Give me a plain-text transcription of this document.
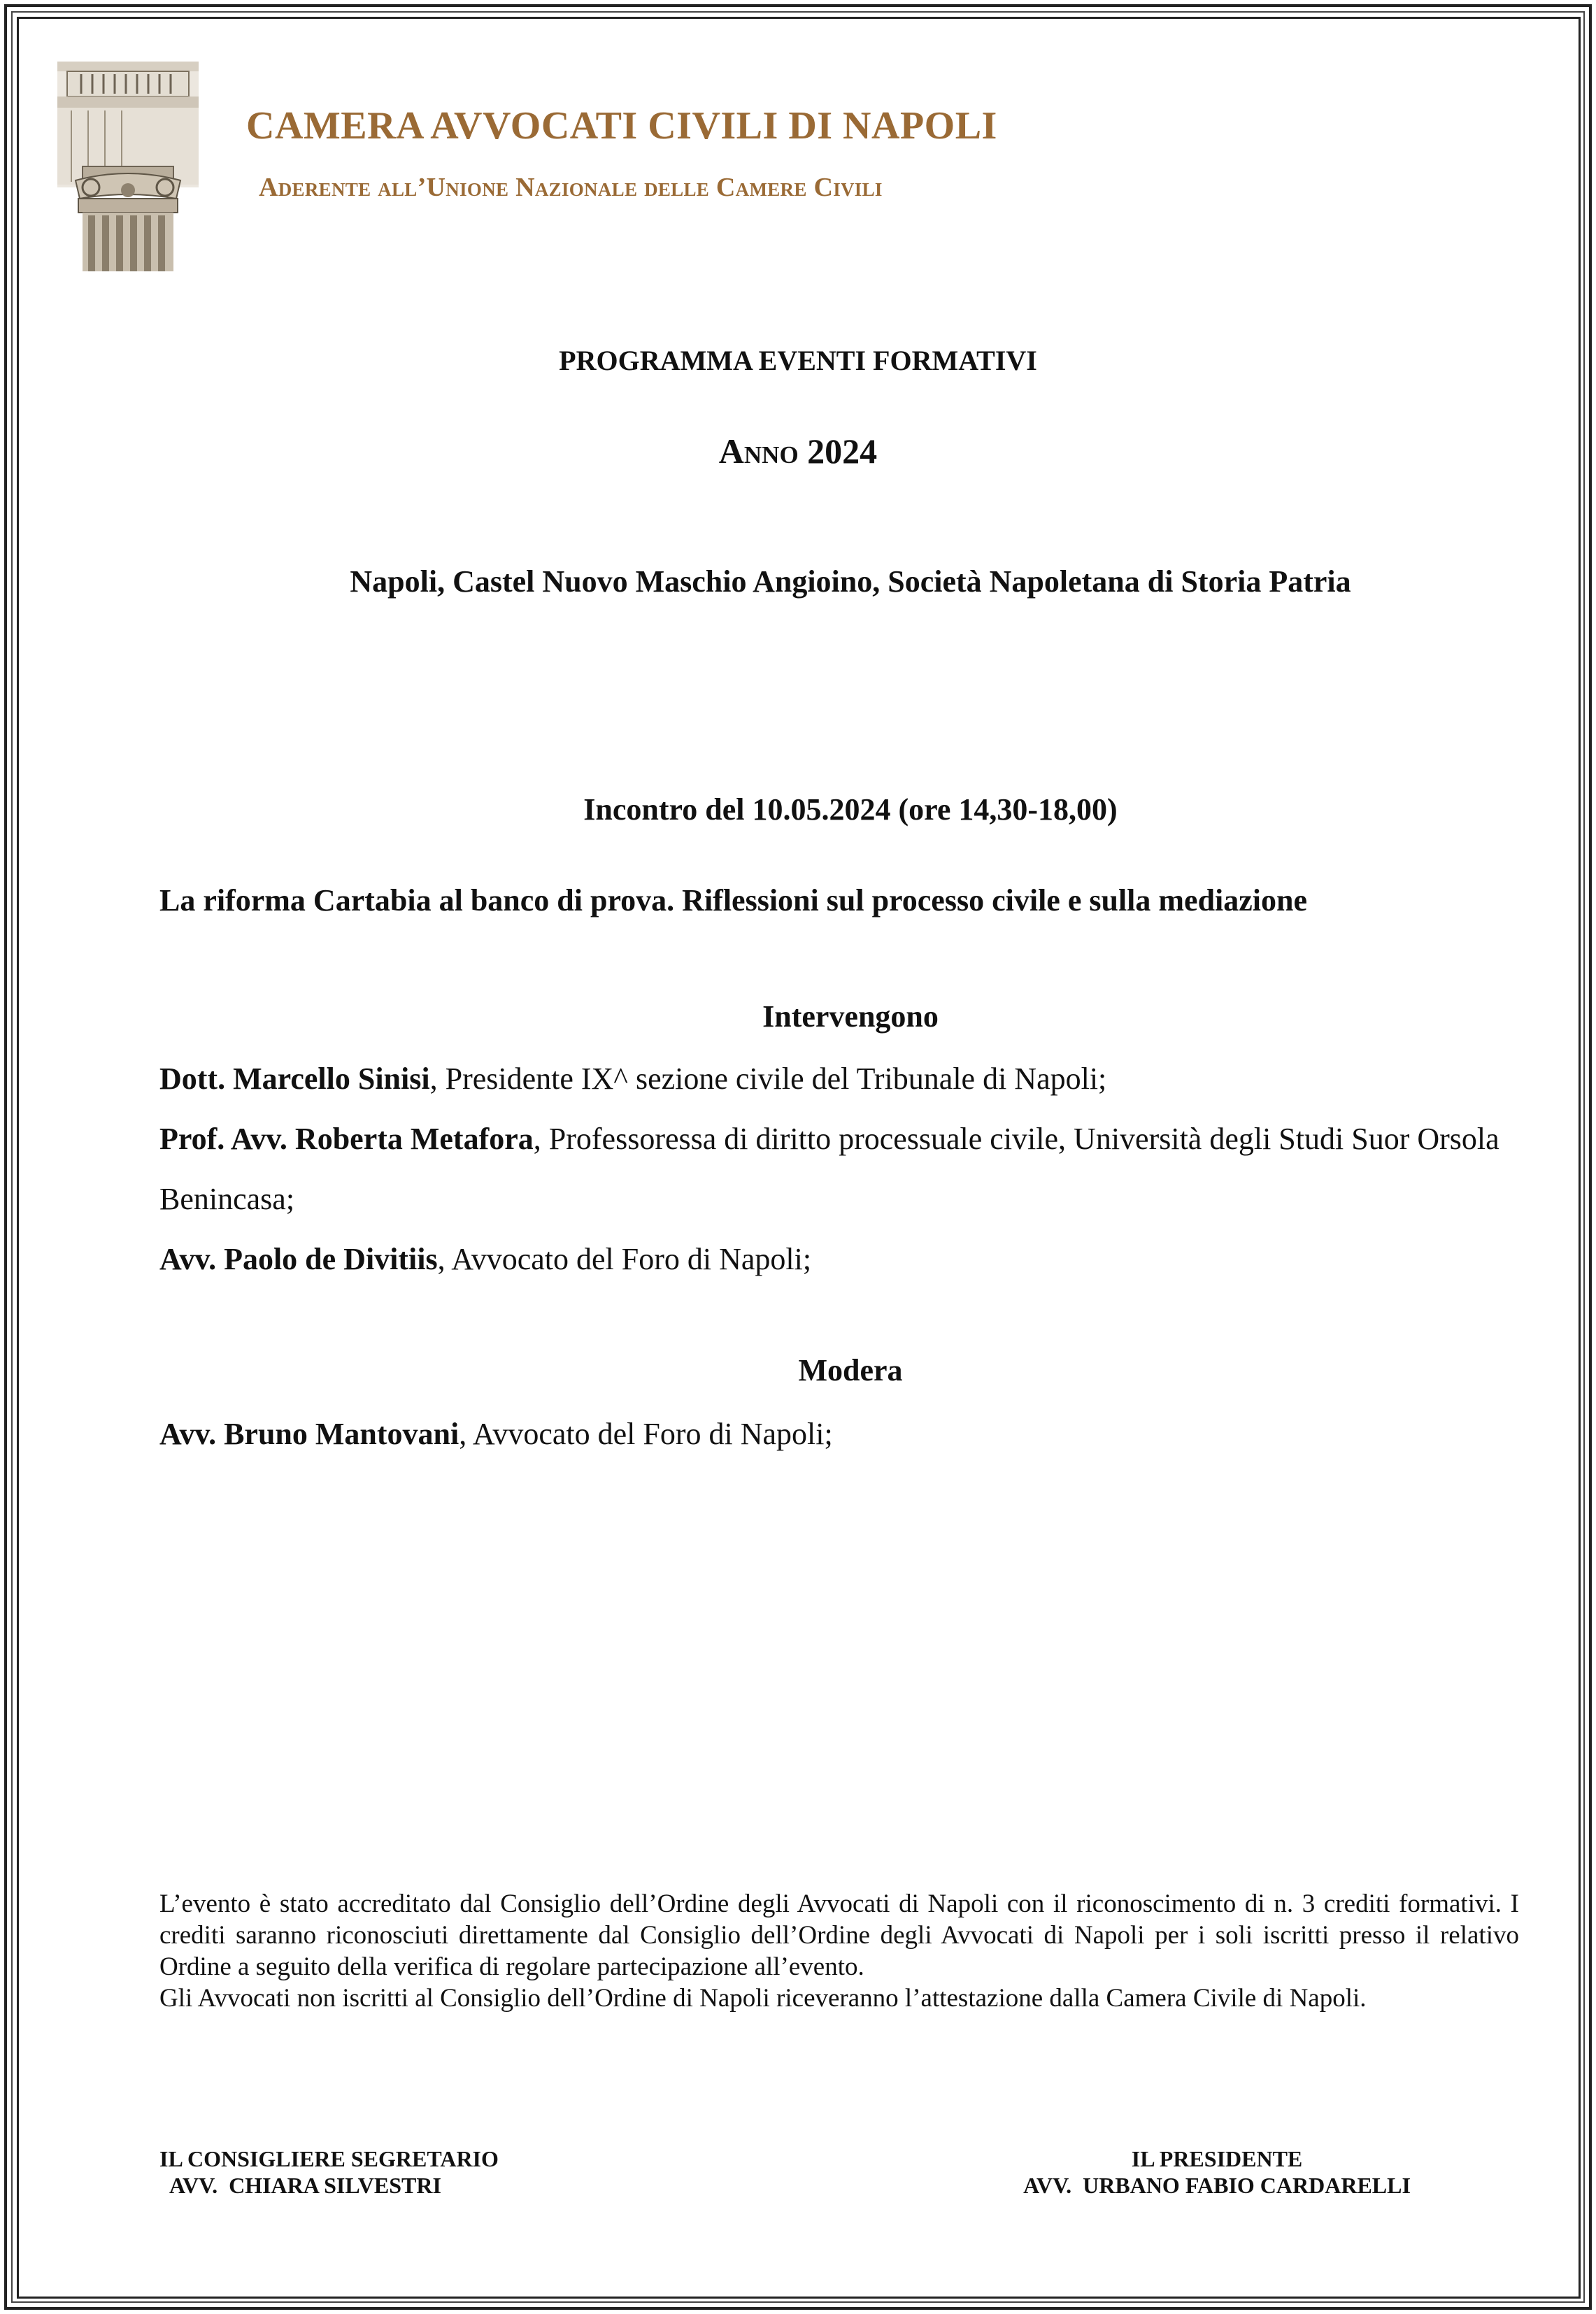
CAMERA AVVOCATI CIVILI DI NAPOLI
Aderente all’Unione Nazionale delle Camere Civili
PROGRAMMA EVENTI FORMATIVI
Anno 2024
Napoli, Castel Nuovo Maschio Angioino, Società Napoletana di Storia Patria
Incontro del 10.05.2024 (ore 14,30-18,00)
La riforma Cartabia al banco di prova. Riflessioni sul processo civile e sulla mediazione
Intervengono
Dott. Marcello Sinisi, Presidente IX^ sezione civile del Tribunale di Napoli;
Prof. Avv. Roberta Metafora, Professoressa di diritto processuale civile, Università degli Studi Suor Orsola Benincasa;
Avv. Paolo de Divitiis, Avvocato del Foro di Napoli;
Modera
Avv. Bruno Mantovani, Avvocato del Foro di Napoli;

L’evento è stato accreditato dal Consiglio dell’Ordine degli Avvocati di Napoli con il riconoscimento di n. 3 crediti formativi. I crediti saranno riconosciuti direttamente dal Consiglio dell’Ordine degli Avvocati di Napoli per i soli iscritti presso il relativo Ordine a seguito della verifica di regolare partecipazione all’evento.

Gli Avvocati non iscritti al Consiglio dell’Ordine di Napoli riceveranno l’attestazione dalla Camera Civile di Napoli.

IL CONSIGLIERE SEGRETARIO
AVV.  CHIARA SILVESTRI
IL PRESIDENTE
AVV.  URBANO FABIO CARDARELLI
